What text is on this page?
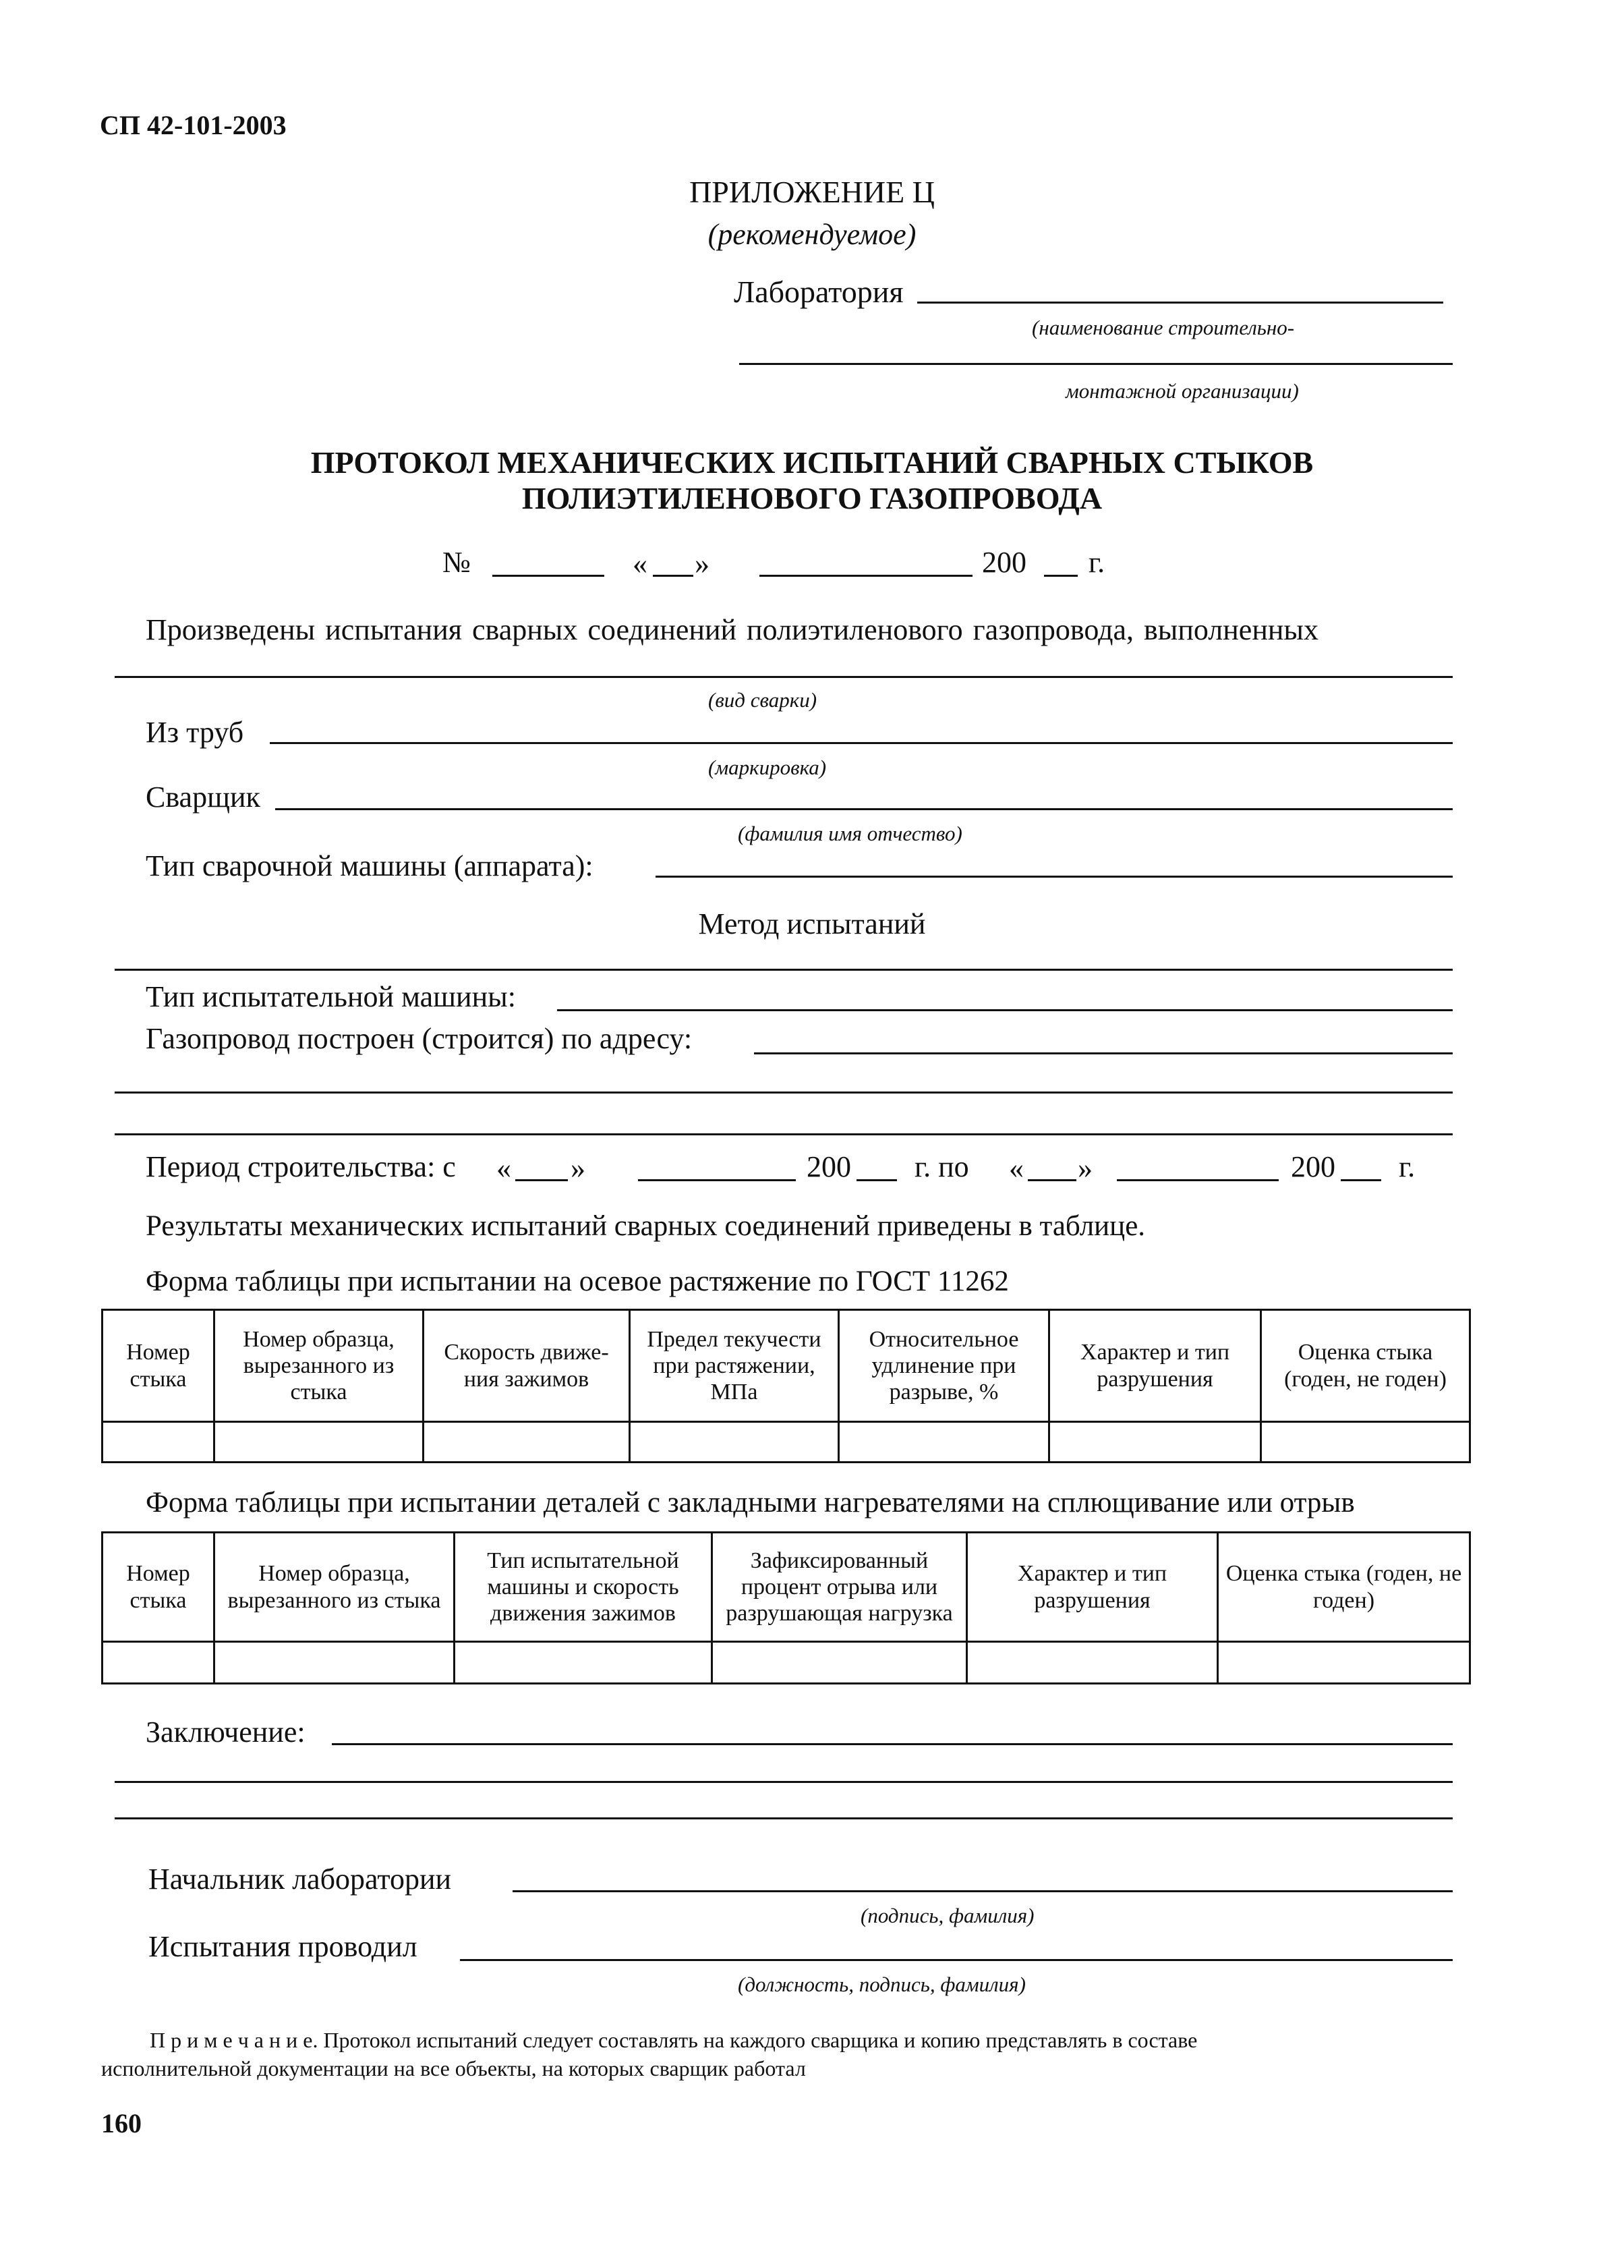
СП 42-101-2003
ПРИЛОЖЕНИЕ Ц
(рекомендуемое)
Лаборатория
(наименование строительно-
монтажной организации)
ПРОТОКОЛ МЕХАНИЧЕСКИХ ИСПЫТАНИЙ СВАРНЫХ СТЫКОВ
ПОЛИЭТИЛЕНОВОГО ГАЗОПРОВОДА
№	« »	200 г.
Произведены испытания сварных соединений полиэтиленового газопровода, выполненных
(вид сварки)
Из труб
(маркировка)
Сварщик
(фамилия имя отчество)
Тип сварочной машины (аппарата):
Метод испытаний
Тип испытательной машины:
Газопровод построен (строится) по адресу:
Период строительства: с « »	200 г. по « »	200 г.
Результаты механических испытаний сварных соединений приведены в таблице.
Форма таблицы при испытании на осевое растяжение по ГОСТ 11262
Номер стыка	Номер образца, вырезанного из стыка	Скорость движе-ния зажимов	Предел текучести при растяжении, МПа	Относительное удлинение при разрыве, %	Характер и тип разрушения	Оценка стыка (годен, не годен)

Форма таблицы при испытании деталей с закладными нагревателями на сплющивание или отрыв
Номер стыка	Номер образца, вырезанного из стыка	Тип испытательной машины и скорость движения зажимов	Зафиксированный процент отрыва или разрушающая нагрузка	Характер и тип разрушения	Оценка стыка (годен, не годен)

Заключение:
Начальник лаборатории
(подпись, фамилия)
Испытания проводил
(должность, подпись, фамилия)
П р и м е ч а н и е. Протокол испытаний следует составлять на каждого сварщика и копию представлять в составе
исполнительной документации на все объекты, на которых сварщик работал
160
